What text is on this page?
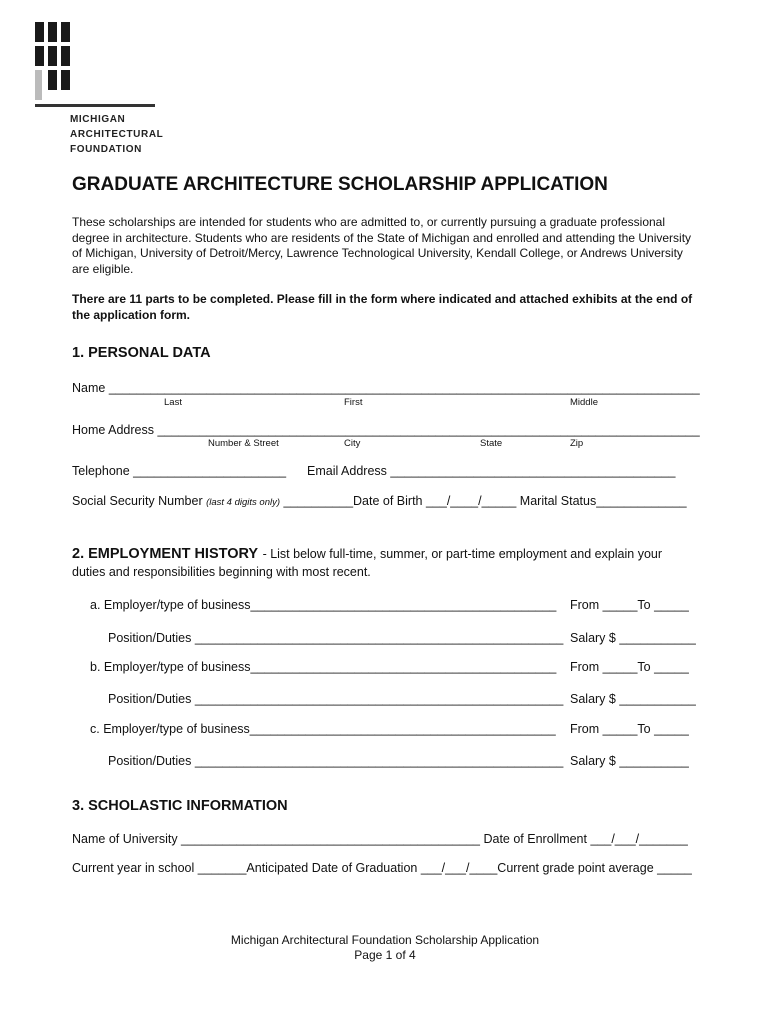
MICHIGAN
ARCHITECTURAL
FOUNDATION
GRADUATE ARCHITECTURE SCHOLARSHIP APPLICATION
These scholarships are intended for students who are admitted to, or currently pursuing a graduate professional degree in architecture. Students who are residents of the State of Michigan and enrolled and attending the University of Michigan, University of Detroit/Mercy, Lawrence Technological University, Kendall College, or Andrews University are eligible.
There are 11 parts to be completed. Please fill in the form where indicated and attached exhibits at the end of the application form.
1. PERSONAL DATA
Name _____________________________________________________________________________________
Last	First	Middle
Home Address ______________________________________________________________________________
Number & Street	City	State	Zip
Telephone ______________________ Email Address _________________________________________
Social Security Number (last 4 digits only) __________Date of Birth ___/____/_____ Marital Status_____________
2. EMPLOYMENT HISTORY - List below full-time, summer, or part-time employment and explain your
duties and responsibilities beginning with most recent.
a. Employer/type of business____________________________________________ From _____To _____
Position/Duties _____________________________________________________ Salary $ ___________
b. Employer/type of business____________________________________________ From _____To _____
Position/Duties _____________________________________________________ Salary $ ___________
c. Employer/type of business____________________________________________ From _____To _____
Position/Duties _____________________________________________________ Salary $ __________
3. SCHOLASTIC INFORMATION
Name of University ___________________________________________ Date of Enrollment ___/___/_______
Current year in school _______Anticipated Date of Graduation ___/___/____Current grade point average _____
Michigan Architectural Foundation Scholarship Application
Page 1 of 4
